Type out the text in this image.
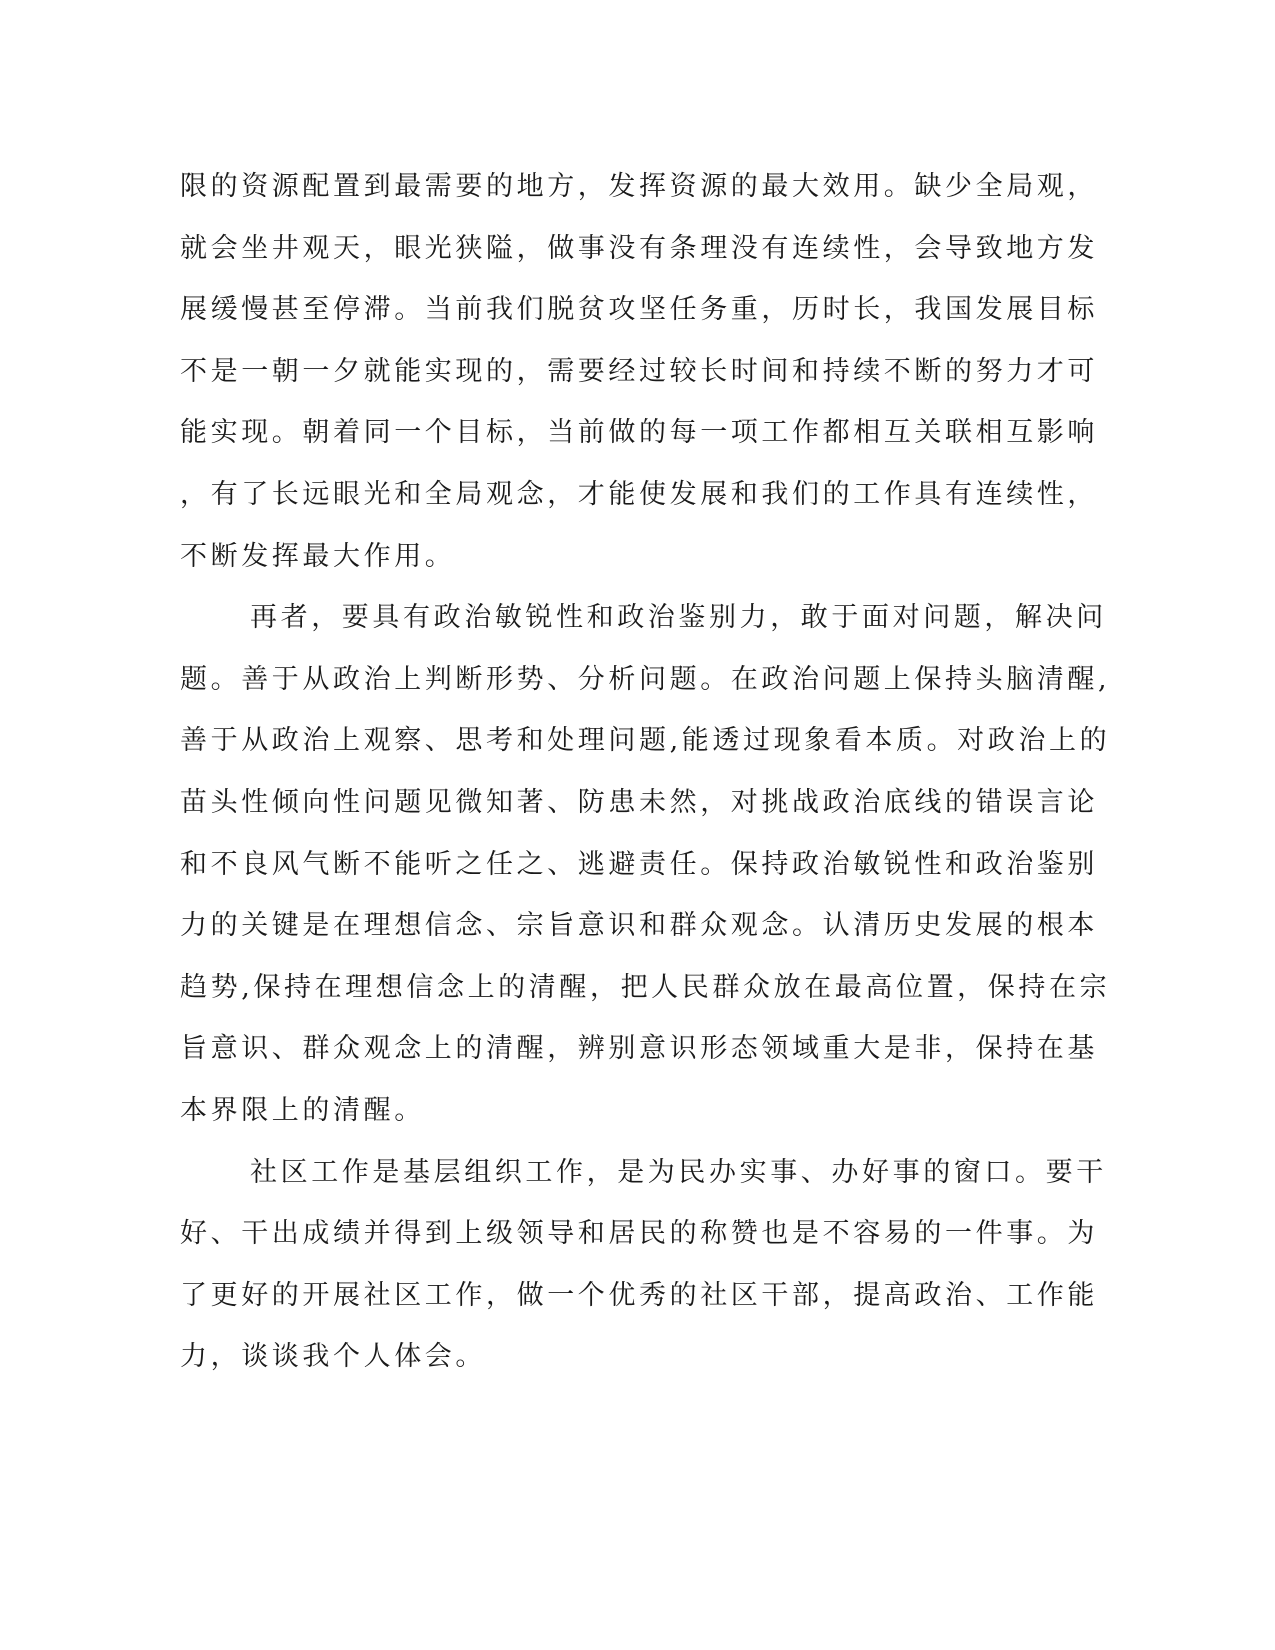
限的资源配置到最需要的地方，发挥资源的最大效用。缺少全局观，
就会坐井观天，眼光狭隘，做事没有条理没有连续性，会导致地方发
展缓慢甚至停滞。当前我们脱贫攻坚任务重，历时长，我国发展目标
不是一朝一夕就能实现的，需要经过较长时间和持续不断的努力才可
能实现。朝着同一个目标，当前做的每一项工作都相互关联相互影响
，有了长远眼光和全局观念，才能使发展和我们的工作具有连续性，
不断发挥最大作用。
再者，要具有政治敏锐性和政治鉴别力，敢于面对问题，解决问
题。善于从政治上判断形势、分析问题。在政治问题上保持头脑清醒,
善于从政治上观察、思考和处理问题,能透过现象看本质。对政治上的
苗头性倾向性问题见微知著、防患未然，对挑战政治底线的错误言论
和不良风气断不能听之任之、逃避责任。保持政治敏锐性和政治鉴别
力的关键是在理想信念、宗旨意识和群众观念。认清历史发展的根本
趋势,保持在理想信念上的清醒，把人民群众放在最高位置，保持在宗
旨意识、群众观念上的清醒，辨别意识形态领域重大是非，保持在基
本界限上的清醒。
社区工作是基层组织工作，是为民办实事、办好事的窗口。要干
好、干出成绩并得到上级领导和居民的称赞也是不容易的一件事。为
了更好的开展社区工作，做一个优秀的社区干部，提高政治、工作能
力，谈谈我个人体会。
